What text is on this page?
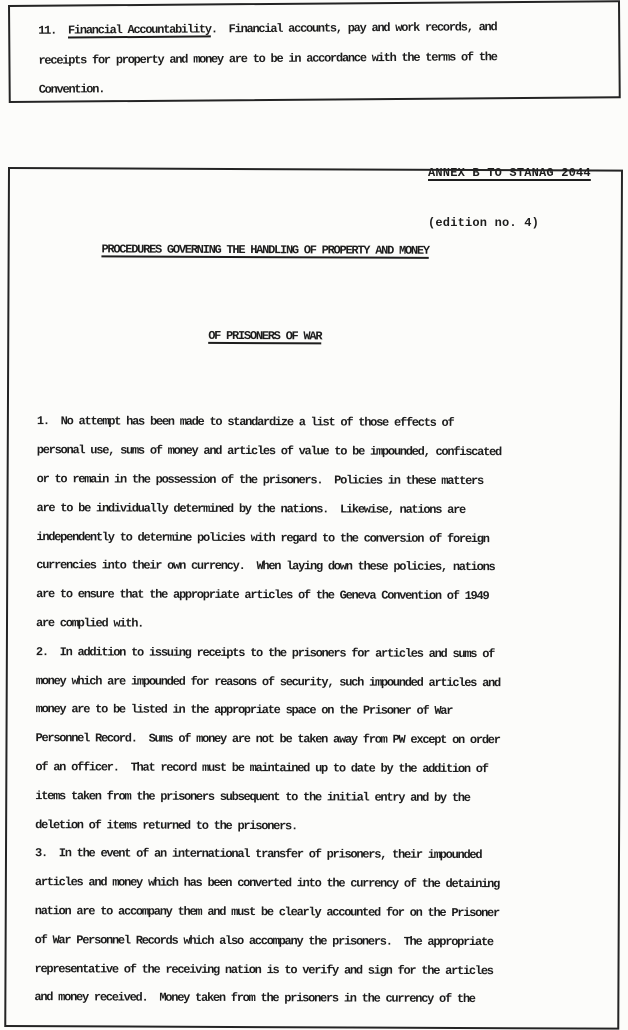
11.  Financial Accountability.  Financial accounts, pay and work records, and
receipts for property and money are to be in accordance with the terms of the
Convention.

ANNEX B TO STANAG 2044

(edition no. 4)

PROCEDURES GOVERNING THE HANDLING OF PROPERTY AND MONEY

OF PRISONERS OF WAR

1.  No attempt has been made to standardize a list of those effects of
personal use, sums of money and articles of value to be impounded, confiscated
or to remain in the possession of the prisoners.  Policies in these matters
are to be individually determined by the nations.  Likewise, nations are
independently to determine policies with regard to the conversion of foreign
currencies into their own currency.  When laying down these policies, nations
are to ensure that the appropriate articles of the Geneva Convention of 1949
are complied with.

2.  In addition to issuing receipts to the prisoners for articles and sums of
money which are impounded for reasons of security, such impounded articles and
money are to be listed in the appropriate space on the Prisoner of War
Personnel Record.  Sums of money are not be taken away from PW except on order
of an officer.  That record must be maintained up to date by the addition of
items taken from the prisoners subsequent to the initial entry and by the
deletion of items returned to the prisoners.

3.  In the event of an international transfer of prisoners, their impounded
articles and money which has been converted into the currency of the detaining
nation are to accompany them and must be clearly accounted for on the Prisoner
of War Personnel Records which also accompany the prisoners.  The appropriate
representative of the receiving nation is to verify and sign for the articles
and money received.  Money taken from the prisoners in the currency of the
